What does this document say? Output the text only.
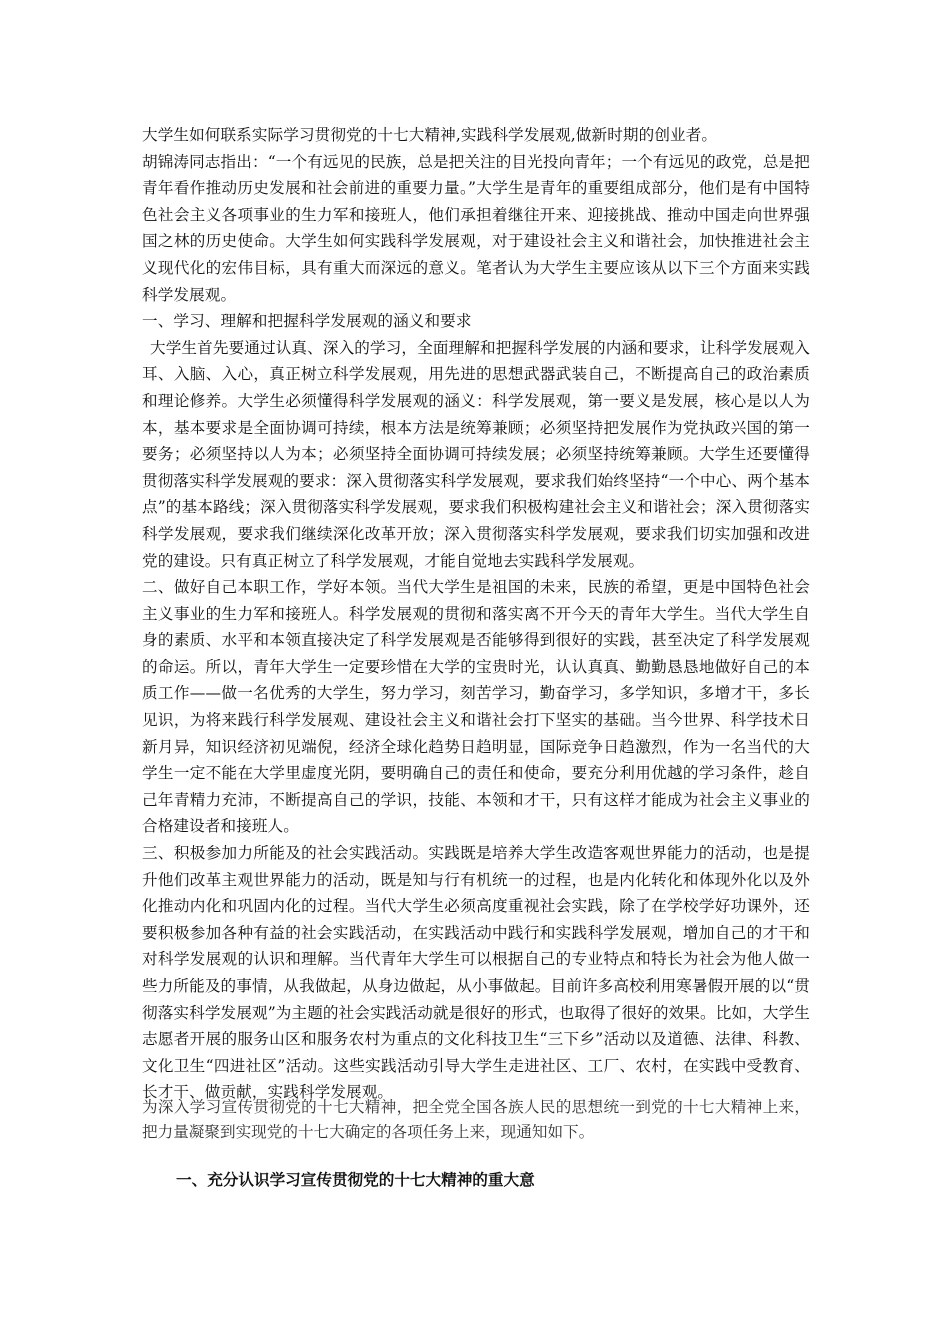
大学生如何联系实际学习贯彻党的十七大精神,实践科学发展观,做新时期的创业者。

胡锦涛同志指出：“一个有远见的民族，总是把关注的目光投向青年；一个有远见的政党，总是把青年看作推动历史发展和社会前进的重要力量。”大学生是青年的重要组成部分，他们是有中国特色社会主义各项事业的生力军和接班人，他们承担着继往开来、迎接挑战、推动中国走向世界强国之林的历史使命。大学生如何实践科学发展观，对于建设社会主义和谐社会，加快推进社会主义现代化的宏伟目标，具有重大而深远的意义。笔者认为大学生主要应该从以下三个方面来实践科学发展观。

一、学习、理解和把握科学发展观的涵义和要求

大学生首先要通过认真、深入的学习，全面理解和把握科学发展的内涵和要求，让科学发展观入耳、入脑、入心，真正树立科学发展观，用先进的思想武器武装自己，不断提高自己的政治素质和理论修养。大学生必须懂得科学发展观的涵义：科学发展观，第一要义是发展，核心是以人为本，基本要求是全面协调可持续，根本方法是统筹兼顾；必须坚持把发展作为党执政兴国的第一要务；必须坚持以人为本；必须坚持全面协调可持续发展；必须坚持统筹兼顾。大学生还要懂得贯彻落实科学发展观的要求：深入贯彻落实科学发展观，要求我们始终坚持“一个中心、两个基本点”的基本路线；深入贯彻落实科学发展观，要求我们积极构建社会主义和谐社会；深入贯彻落实科学发展观，要求我们继续深化改革开放；深入贯彻落实科学发展观，要求我们切实加强和改进党的建设。只有真正树立了科学发展观，才能自觉地去实践科学发展观。

二、做好自己本职工作，学好本领。当代大学生是祖国的未来，民族的希望，更是中国特色社会主义事业的生力军和接班人。科学发展观的贯彻和落实离不开今天的青年大学生。当代大学生自身的素质、水平和本领直接决定了科学发展观是否能够得到很好的实践，甚至决定了科学发展观的命运。所以，青年大学生一定要珍惜在大学的宝贵时光，认认真真、勤勤恳恳地做好自己的本质工作——做一名优秀的大学生，努力学习，刻苦学习，勤奋学习，多学知识，多增才干，多长见识，为将来践行科学发展观、建设社会主义和谐社会打下坚实的基础。当今世界、科学技术日新月异，知识经济初见端倪，经济全球化趋势日趋明显，国际竞争日趋激烈，作为一名当代的大学生一定不能在大学里虚度光阴，要明确自己的责任和使命，要充分利用优越的学习条件，趁自己年青精力充沛，不断提高自己的学识，技能、本领和才干，只有这样才能成为社会主义事业的合格建设者和接班人。

三、积极参加力所能及的社会实践活动。实践既是培养大学生改造客观世界能力的活动，也是提升他们改革主观世界能力的活动，既是知与行有机统一的过程，也是内化转化和体现外化以及外化推动内化和巩固内化的过程。当代大学生必须高度重视社会实践，除了在学校学好功课外，还要积极参加各种有益的社会实践活动，在实践活动中践行和实践科学发展观，增加自己的才干和对科学发展观的认识和理解。当代青年大学生可以根据自己的专业特点和特长为社会为他人做一些力所能及的事情，从我做起，从身边做起，从小事做起。目前许多高校利用寒暑假开展的以“贯彻落实科学发展观”为主题的社会实践活动就是很好的形式，也取得了很好的效果。比如，大学生志愿者开展的服务山区和服务农村为重点的文化科技卫生“三下乡”活动以及道德、法律、科教、文化卫生“四进社区”活动。这些实践活动引导大学生走进社区、工厂、农村，在实践中受教育、长才干、做贡献，实践科学发展观。

为深入学习宣传贯彻党的十七大精神，把全党全国各族人民的思想统一到党的十七大精神上来，把力量凝聚到实现党的十七大确定的各项任务上来，现通知如下。

一、充分认识学习宣传贯彻党的十七大精神的重大意
